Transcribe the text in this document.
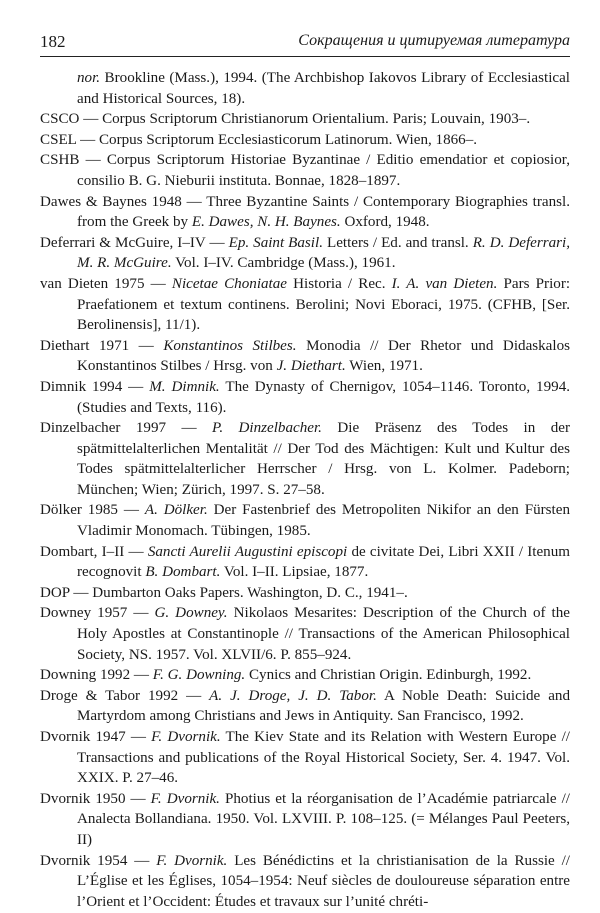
182	Сокращения и цитируемая литература

nor. Brookline (Mass.), 1994. (The Archbishop Iakovos Library of Ecclesiastical and Historical Sources, 18).

CSCO — Corpus Scriptorum Christianorum Orientalium. Paris; Louvain, 1903–.

CSEL — Corpus Scriptorum Ecclesiasticorum Latinorum. Wien, 1866–.

CSHB — Corpus Scriptorum Historiae Byzantinae / Editio emendatior et copiosior, consilio B. G. Nieburii instituta. Bonnae, 1828–1897.

Dawes & Baynes 1948 — Three Byzantine Saints / Contemporary Biographies transl. from the Greek by E. Dawes, N. H. Baynes. Oxford, 1948.

Deferrari & McGuire, I–IV — Ep. Saint Basil. Letters / Ed. and transl. R. D. Deferrari, M. R. McGuire. Vol. I–IV. Cambridge (Mass.), 1961.

van Dieten 1975 — Nicetae Choniatae Historia / Rec. I. A. van Dieten. Pars Prior: Praefationem et textum continens. Berolini; Novi Eboraci, 1975. (CFHB, [Ser. Berolinensis], 11/1).

Diethart 1971 — Konstantinos Stilbes. Monodia // Der Rhetor und Didaskalos Konstantinos Stilbes / Hrsg. von J. Diethart. Wien, 1971.

Dimnik 1994 — M. Dimnik. The Dynasty of Chernigov, 1054–1146. Toronto, 1994. (Studies and Texts, 116).

Dinzelbacher 1997 — P. Dinzelbacher. Die Präsenz des Todes in der spätmittelalterlichen Mentalität // Der Tod des Mächtigen: Kult und Kultur des Todes spätmittelalterlicher Herrscher / Hrsg. von L. Kolmer. Padeborn; München; Wien; Zürich, 1997. S. 27–58.

Dölker 1985 — A. Dölker. Der Fastenbrief des Metropoliten Nikifor an den Fürsten Vladimir Monomach. Tübingen, 1985.

Dombart, I–II — Sancti Aurelii Augustini episcopi de civitate Dei, Libri XXII / Itenum recognovit B. Dombart. Vol. I–II. Lipsiae, 1877.

DOP — Dumbarton Oaks Papers. Washington, D. C., 1941–.

Downey 1957 — G. Downey. Nikolaos Mesarites: Description of the Church of the Holy Apostles at Constantinople // Transactions of the American Philosophical Society, NS. 1957. Vol. XLVII/6. P. 855–924.

Downing 1992 — F. G. Downing. Cynics and Christian Origin. Edinburgh, 1992.

Droge & Tabor 1992 — A. J. Droge, J. D. Tabor. A Noble Death: Suicide and Martyrdom among Christians and Jews in Antiquity. San Francisco, 1992.

Dvornik 1947 — F. Dvornik. The Kiev State and its Relation with Western Europe // Transactions and publications of the Royal Historical Society, Ser. 4. 1947. Vol. XXIX. P. 27–46.

Dvornik 1950 — F. Dvornik. Photius et la réorganisation de l’Académie patriarcale // Analecta Bollandiana. 1950. Vol. LXVIII. P. 108–125. (= Mélanges Paul Peeters, II)

Dvornik 1954 — F. Dvornik. Les Bénédictins et la christianisation de la Russie // L’Église et les Églises, 1054–1954: Neuf siècles de douloureuse séparation entre l’Orient et l’Occident: Études et travaux sur l’unité chréti-
